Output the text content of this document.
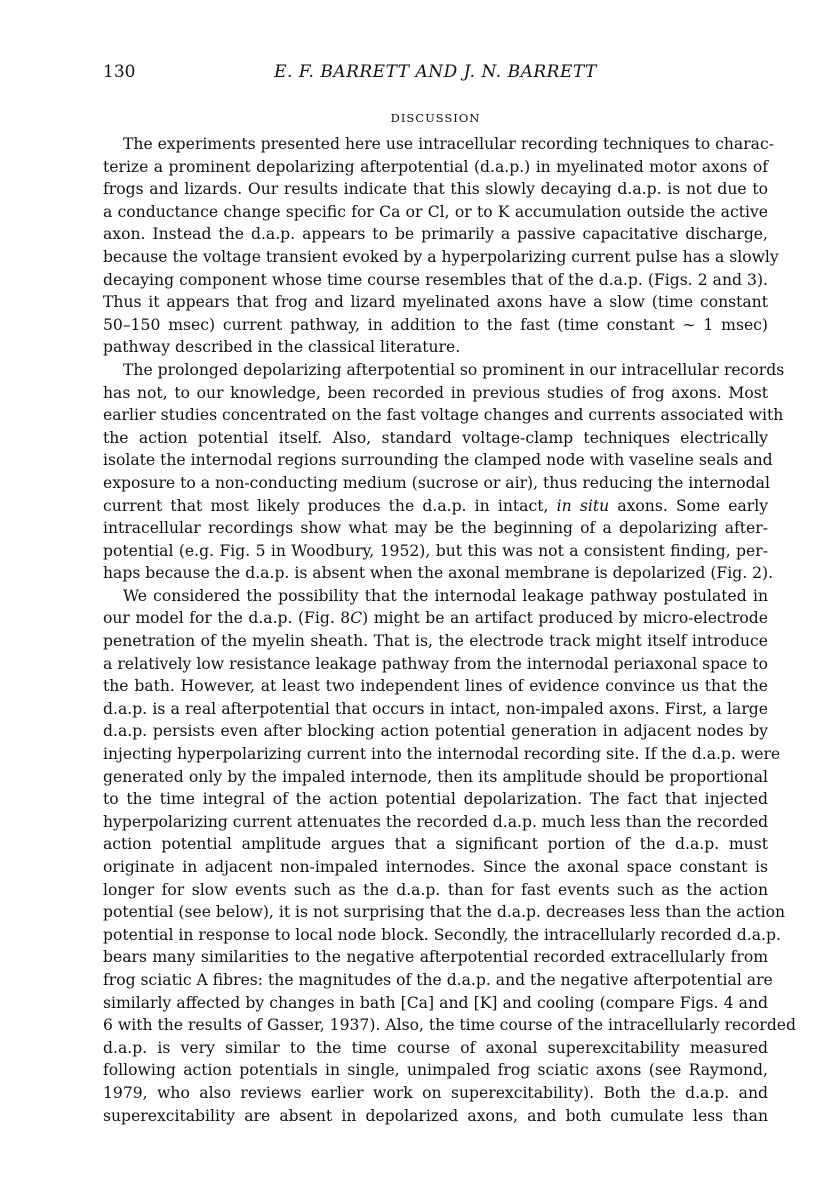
130	E. F. BARRETT AND J. N. BARRETT
DISCUSSION
The experiments presented here use intracellular recording techniques to charac-
terize a prominent depolarizing afterpotential (d.a.p.) in myelinated motor axons of
frogs and lizards. Our results indicate that this slowly decaying d.a.p. is not due to
a conductance change specific for Ca or Cl, or to K accumulation outside the active
axon. Instead the d.a.p. appears to be primarily a passive capacitative discharge,
because the voltage transient evoked by a hyperpolarizing current pulse has a slowly
decaying component whose time course resembles that of the d.a.p. (Figs. 2 and 3).
Thus it appears that frog and lizard myelinated axons have a slow (time constant
50–150 msec) current pathway, in addition to the fast (time constant ∼ 1 msec)
pathway described in the classical literature.
The prolonged depolarizing afterpotential so prominent in our intracellular records
has not, to our knowledge, been recorded in previous studies of frog axons. Most
earlier studies concentrated on the fast voltage changes and currents associated with
the action potential itself. Also, standard voltage-clamp techniques electrically
isolate the internodal regions surrounding the clamped node with vaseline seals and
exposure to a non-conducting medium (sucrose or air), thus reducing the internodal
current that most likely produces the d.a.p. in intact, in situ axons. Some early
intracellular recordings show what may be the beginning of a depolarizing after-
potential (e.g. Fig. 5 in Woodbury, 1952), but this was not a consistent finding, per-
haps because the d.a.p. is absent when the axonal membrane is depolarized (Fig. 2).
We considered the possibility that the internodal leakage pathway postulated in
our model for the d.a.p. (Fig. 8C) might be an artifact produced by micro-electrode
penetration of the myelin sheath. That is, the electrode track might itself introduce
a relatively low resistance leakage pathway from the internodal periaxonal space to
the bath. However, at least two independent lines of evidence convince us that the
d.a.p. is a real afterpotential that occurs in intact, non-impaled axons. First, a large
d.a.p. persists even after blocking action potential generation in adjacent nodes by
injecting hyperpolarizing current into the internodal recording site. If the d.a.p. were
generated only by the impaled internode, then its amplitude should be proportional
to the time integral of the action potential depolarization. The fact that injected
hyperpolarizing current attenuates the recorded d.a.p. much less than the recorded
action potential amplitude argues that a significant portion of the d.a.p. must
originate in adjacent non-impaled internodes. Since the axonal space constant is
longer for slow events such as the d.a.p. than for fast events such as the action
potential (see below), it is not surprising that the d.a.p. decreases less than the action
potential in response to local node block. Secondly, the intracellularly recorded d.a.p.
bears many similarities to the negative afterpotential recorded extracellularly from
frog sciatic A fibres: the magnitudes of the d.a.p. and the negative afterpotential are
similarly affected by changes in bath [Ca] and [K] and cooling (compare Figs. 4 and
6 with the results of Gasser, 1937). Also, the time course of the intracellularly recorded
d.a.p. is very similar to the time course of axonal superexcitability measured
following action potentials in single, unimpaled frog sciatic axons (see Raymond,
1979, who also reviews earlier work on superexcitability). Both the d.a.p. and
superexcitability are absent in depolarized axons, and both cumulate less than
